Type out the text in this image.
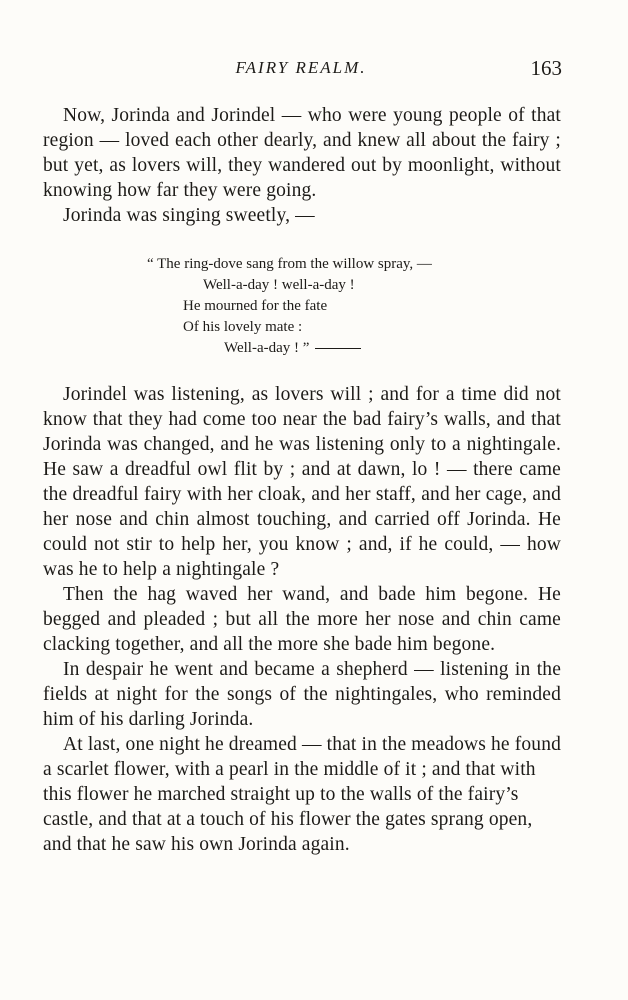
FAIRY REALM.	163

Now, Jorinda and Jorindel — who were young people of that region — loved each other dearly, and knew all about the fairy ; but yet, as lovers will, they wandered out by moonlight, without knowing how far they were going.

Jorinda was singing sweetly, —

“ The ring-dove sang from the willow spray, —
Well-a-day ! well-a-day !
He mourned for the fate
Of his lovely mate :
Well-a-day ! ”

Jorindel was listening, as lovers will ; and for a time did not know that they had come too near the bad fairy’s walls, and that Jorinda was changed, and he was listening only to a nightingale. He saw a dreadful owl flit by ; and at dawn, lo ! — there came the dreadful fairy with her cloak, and her staff, and her cage, and her nose and chin almost touching, and carried off Jorinda. He could not stir to help her, you know ; and, if he could, — how was he to help a nightingale ?

Then the hag waved her wand, and bade him begone. He begged and pleaded ; but all the more her nose and chin came clacking together, and all the more she bade him begone.

In despair he went and became a shepherd — listening in the fields at night for the songs of the nightingales, who reminded him of his darling Jorinda.

At last, one night he dreamed — that in the meadows he found a scarlet flower, with a pearl in the middle of it ; and that with this flower he marched straight up to the walls of the fairy’s castle, and that at a touch of his flower the gates sprang open, and that he saw his own Jorinda again.
